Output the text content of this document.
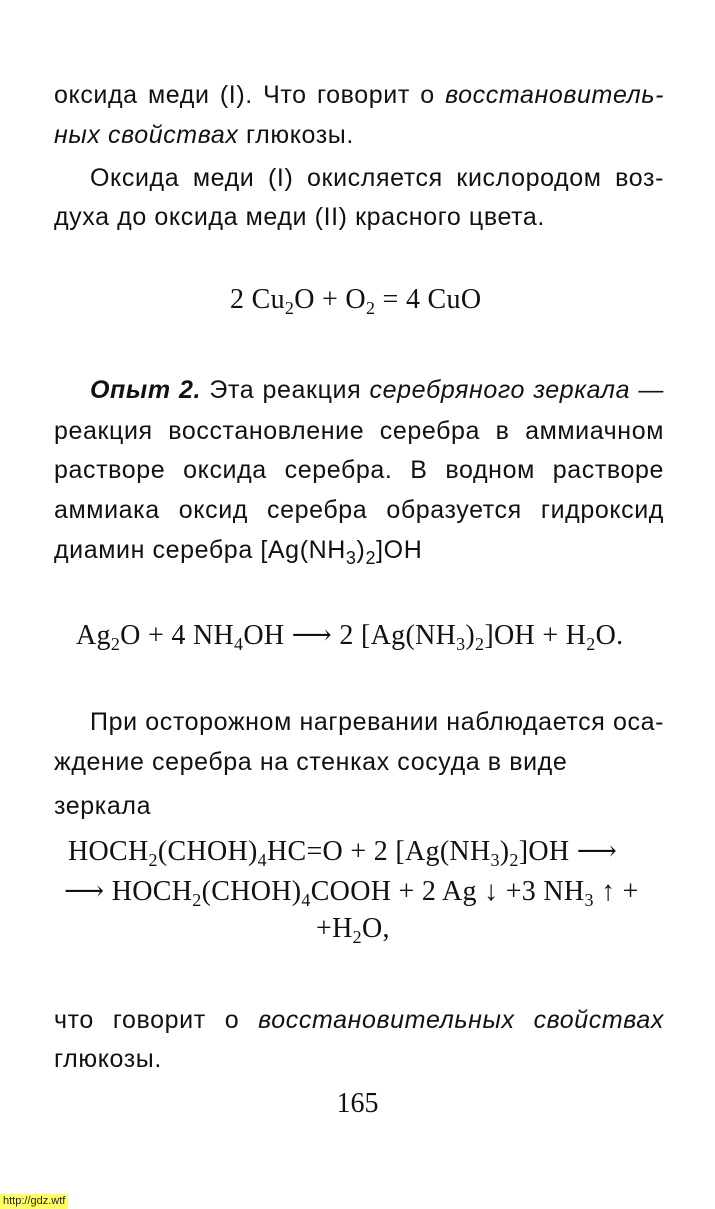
оксида меди (I). Что говорит о восстановитель-

ных свойствах глюкозы.

Оксида меди (I) окисляется кислородом воз-

духа до оксида меди (II) красного цвета.

2 $Cu_2O + O_2 = 4$ CuO

Опыт 2. Эта реакция серебряного зеркала —

реакция восстановление серебра в аммиачном

растворе оксида серебра. В водном растворе

аммиака оксид серебра образуется гидроксид

диамин серебра $[Ag(NH_3)_2]OH$

$Ag_2O + 4$ $NH_4OH$ ⟶ 2 $[Ag(NH_3)_2]OH + H_2O$.

При осторожном нагревании наблюдается оса-

ждение серебра на стенках сосуда в виде зеркала

$HOCH_2(CHOH)_4HC=O + 2$ $[Ag(NH_3)_2]OH$ ⟶
⟶ $HOCH_2(CHOH)_4COOH + 2$ Ag ↓ +3 $NH_3$ ↑ +
$+H_2O$,

что говорит о восстановительных свойствах

глюкозы.

165
http://gdz.wtf
